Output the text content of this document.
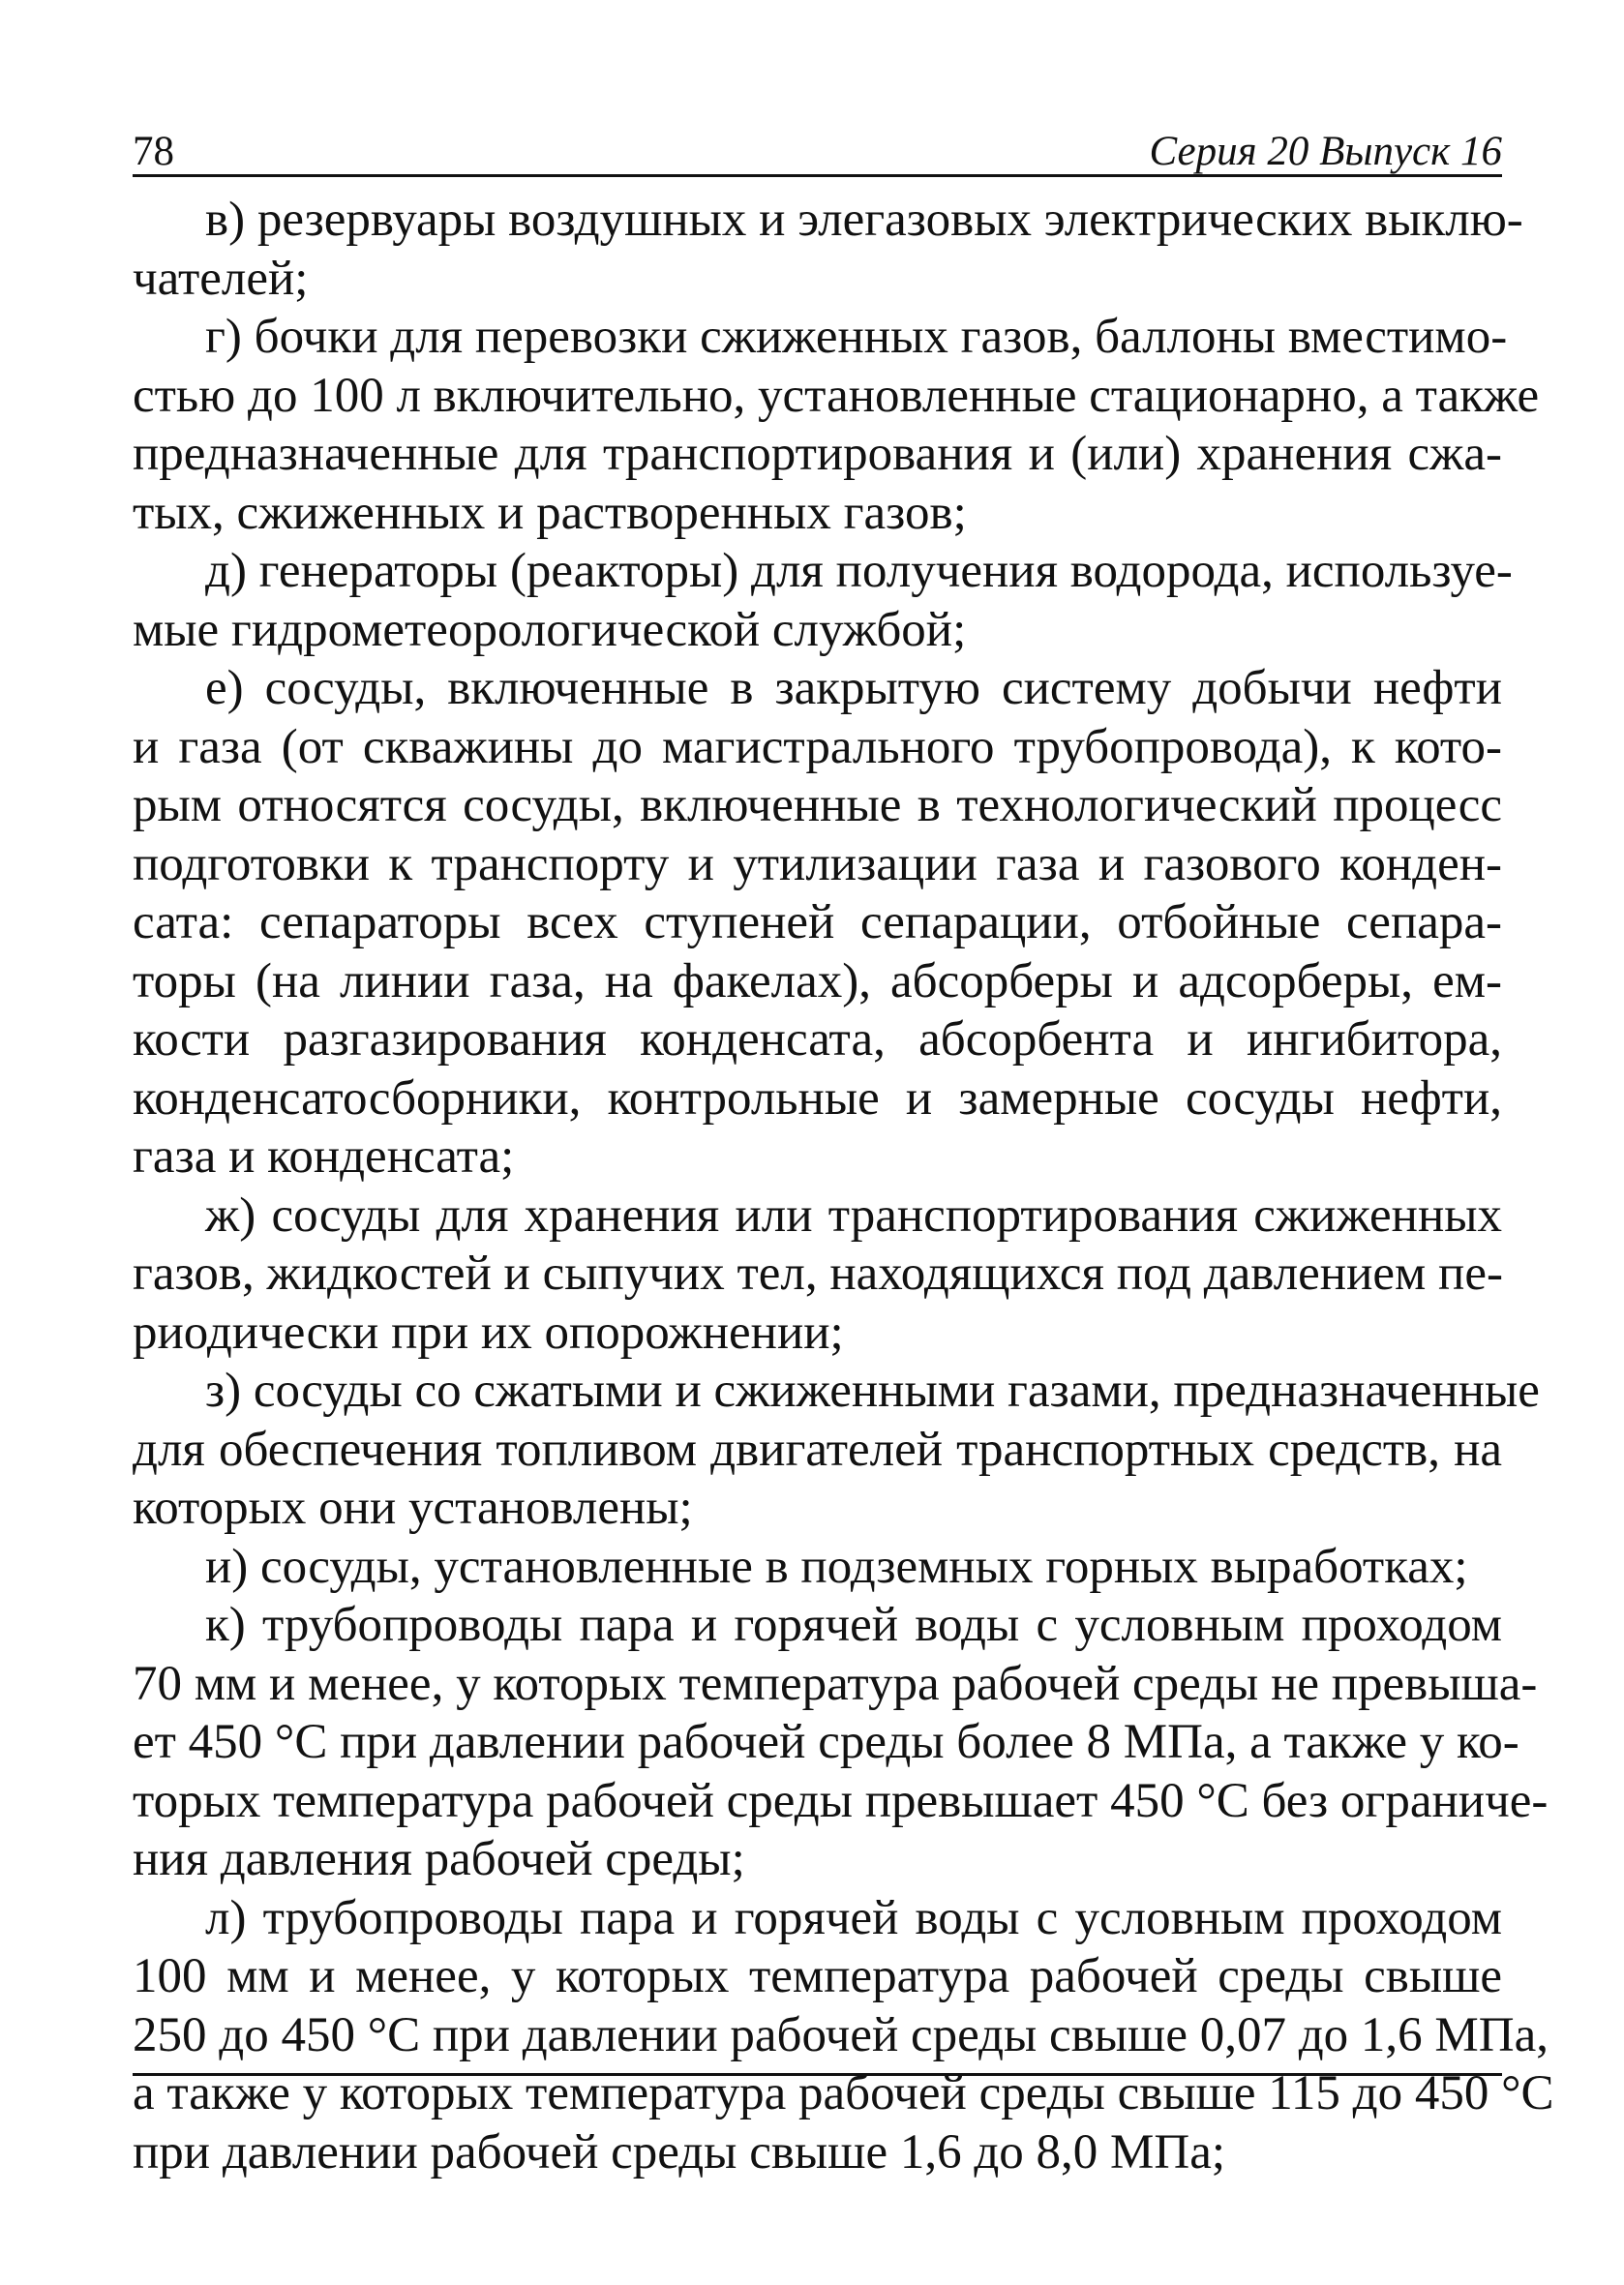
78	Серия 20 Выпуск 16
в) резервуары воздушных и элегазовых электрических выклю-
чателей;
г) бочки для перевозки сжиженных газов, баллоны вместимо-
стью до 100 л включительно, установленные стационарно, а также
предназначенные для транспортирования и (или) хранения сжа-
тых, сжиженных и растворенных газов;
д) генераторы (реакторы) для получения водорода, используе-
мые гидрометеорологической службой;
е) сосуды, включенные в закрытую систему добычи нефти
и газа (от скважины до магистрального трубопровода), к кото-
рым относятся сосуды, включенные в технологический процесс
подготовки к транспорту и утилизации газа и газового конден-
сата: сепараторы всех ступеней сепарации, отбойные сепара-
торы (на линии газа, на факелах), абсорберы и адсорберы, ем-
кости разгазирования конденсата, абсорбента и ингибитора,
конденсатосборники, контрольные и замерные сосуды нефти,
газа и конденсата;
ж) сосуды для хранения или транспортирования сжиженных
газов, жидкостей и сыпучих тел, находящихся под давлением пе-
риодически при их опорожнении;
з) сосуды со сжатыми и сжиженными газами, предназначенные
для обеспечения топливом двигателей транспортных средств, на
которых они установлены;
и) сосуды, установленные в подземных горных выработках;
к) трубопроводы пара и горячей воды с условным проходом
70 мм и менее, у которых температура рабочей среды не превыша-
ет 450 °С при давлении рабочей среды более 8 МПа, а также у ко-
торых температура рабочей среды превышает 450 °С без ограниче-
ния давления рабочей среды;
л) трубопроводы пара и горячей воды с условным проходом
100 мм и менее, у которых температура рабочей среды свыше
250 до 450 °С при давлении рабочей среды свыше 0,07 до 1,6 МПа,
а также у которых температура рабочей среды свыше 115 до 450 °С
при давлении рабочей среды свыше 1,6 до 8,0 МПа;
